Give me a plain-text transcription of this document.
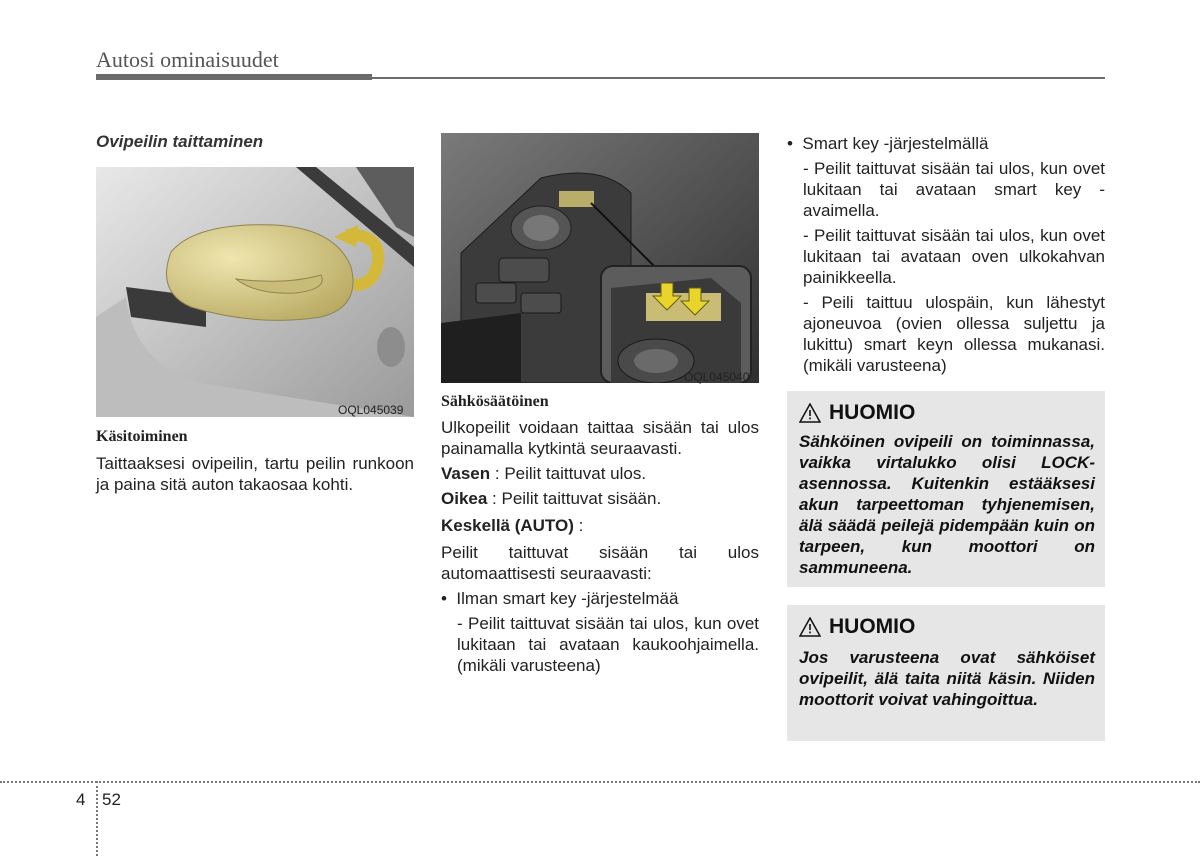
Autosi ominaisuudet
Ovipeilin taittaminen
OQL045039
Käsitoiminen
Taittaaksesi ovipeilin, tartu peilin runkoon ja paina sitä auton takaosaa kohti.
OQL045040
Sähkösäätöinen
Ulkopeilit voidaan taittaa sisään tai ulos painamalla kytkintä seuraavasti.
Vasen : Peilit taittuvat ulos.
Oikea : Peilit taittuvat sisään.
Keskellä (AUTO) :
Peilit taittuvat sisään tai ulos automaattisesti seuraavasti:
•  Ilman smart key -järjestelmää
- Peilit taittuvat sisään tai ulos, kun ovet lukitaan tai avataan kaukoohjaimella. (mikäli varusteena)
•  Smart key -järjestelmällä
- Peilit taittuvat sisään tai ulos, kun ovet lukitaan tai avataan smart key -avaimella.
- Peilit taittuvat sisään tai ulos, kun ovet lukitaan tai avataan oven ulkokahvan painikkeella.
- Peili taittuu ulospäin, kun lähestyt ajoneuvoa (ovien ollessa suljettu ja lukittu) smart keyn ollessa mukanasi. (mikäli varusteena)
HUOMIO
Sähköinen ovipeili on toiminnassa, vaikka virtalukko olisi LOCK-asennossa. Kuitenkin estääksesi akun tarpeettoman tyhjenemisen, älä säädä peilejä pidempään kuin on tarpeen, kun moottori on sammuneena.
HUOMIO
Jos varusteena ovat sähköiset ovipeilit, älä taita niitä käsin. Niiden moottorit voivat vahingoittua.
4 52
